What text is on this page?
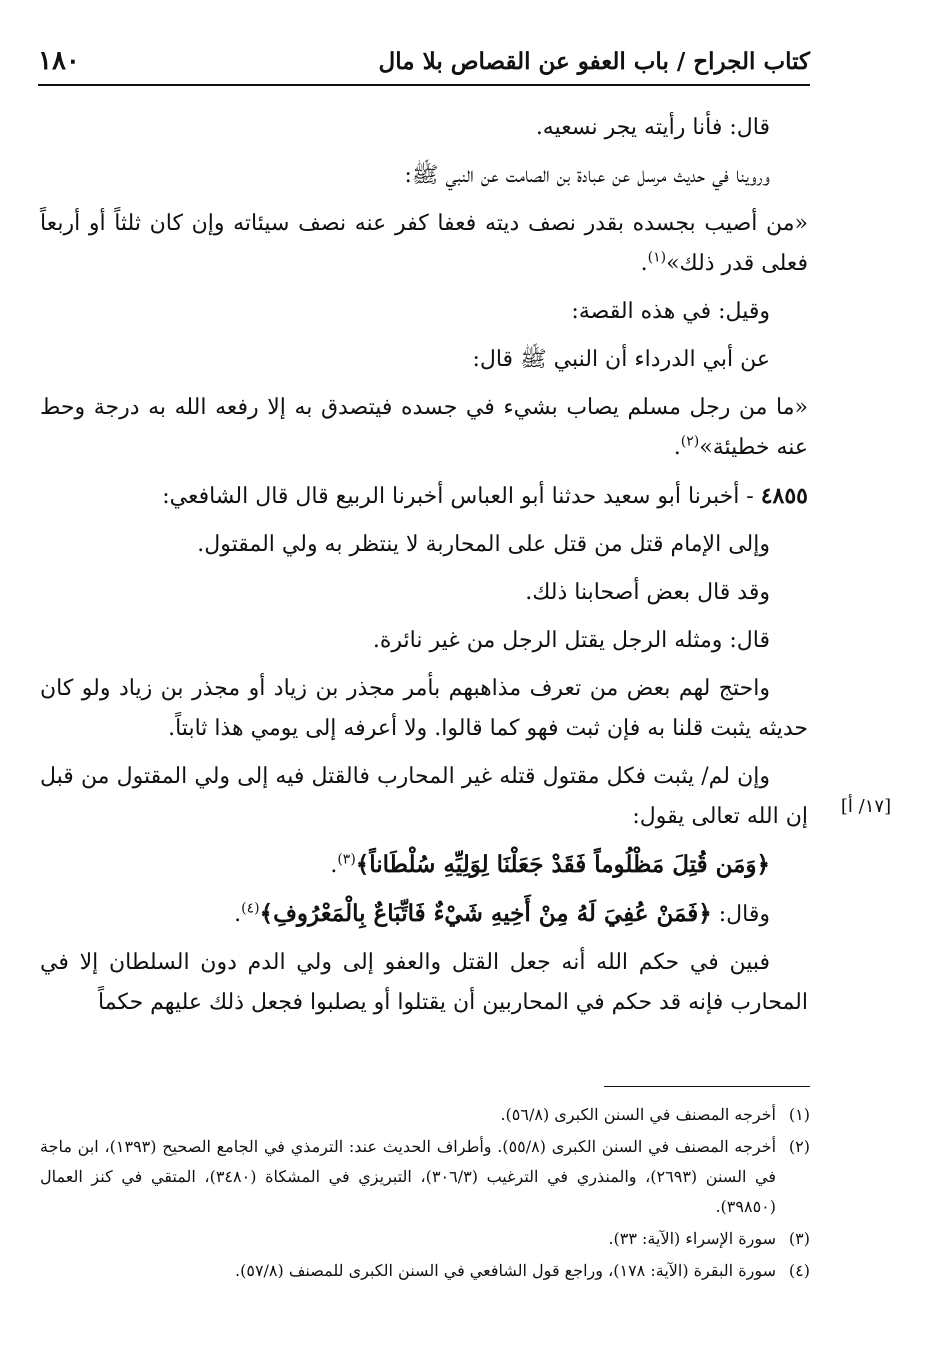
كتاب الجراح / باب العفو عن القصاص بلا مال
١٨٠
[١٧/ أ]

قال: فأنا رأيته يجر نسعيه.

وروينا في حديث مرسل عن عبادة بن الصامت عن النبي ﷺ:

«من أصيب بجسده بقدر نصف ديته فعفا كفر عنه نصف سيئاته وإن كان ثلثاً أو أربعاً فعلى قدر ذلك»$^{(١)}$.

وقيل: في هذه القصة:

عن أبي الدرداء أن النبي ﷺ قال:

«ما من رجل مسلم يصاب بشيء في جسده فيتصدق به إلا رفعه الله به درجة وحط عنه خطيئة»$^{(٢)}$.

٤٨٥٥ - أخبرنا أبو سعيد حدثنا أبو العباس أخبرنا الربيع قال قال الشافعي:

وإلى الإمام قتل من قتل على المحاربة لا ينتظر به ولي المقتول.

وقد قال بعض أصحابنا ذلك.

قال: ومثله الرجل يقتل الرجل من غير نائرة.

واحتج لهم بعض من تعرف مذاهبهم بأمر مجذر بن زياد أو مجذر بن زياد ولو كان حديثه يثبت قلنا به فإن ثبت فهو كما قالوا. ولا أعرفه إلى يومي هذا ثابتاً.

وإن لم/ يثبت فكل مقتول قتله غير المحارب فالقتل فيه إلى ولي المقتول من قبل إن الله تعالى يقول:

﴿وَمَن قُتِلَ مَظْلُوماً فَقَدْ جَعَلْنَا لِوَلِيِّهِ سُلْطَاناً﴾$^{(٣)}$.

وقال: ﴿فَمَنْ عُفِيَ لَهُ مِنْ أَخِيهِ شَيْءٌ فَاتِّبَاعٌ بِالْمَعْرُوفِ﴾$^{(٤)}$.

فبين في حكم الله أنه جعل القتل والعفو إلى ولي الدم دون السلطان إلا في المحارب فإنه قد حكم في المحاربين أن يقتلوا أو يصلبوا فجعل ذلك عليهم حكماً

(١)
أخرجه المصنف في السنن الكبرى (٥٦/٨).
(٢)
أخرجه المصنف في السنن الكبرى (٥٥/٨). وأطراف الحديث عند: الترمذي في الجامع الصحيح (١٣٩٣)، ابن ماجة في السنن (٢٦٩٣)، والمنذري في الترغيب (٣٠٦/٣)، التبريزي في المشكاة (٣٤٨٠)، المتقي في كنز العمال (٣٩٨٥٠).
(٣)
سورة الإسراء (الآية: ٣٣).
(٤)
سورة البقرة (الآية: ١٧٨)، وراجع قول الشافعي في السنن الكبرى للمصنف (٥٧/٨).
